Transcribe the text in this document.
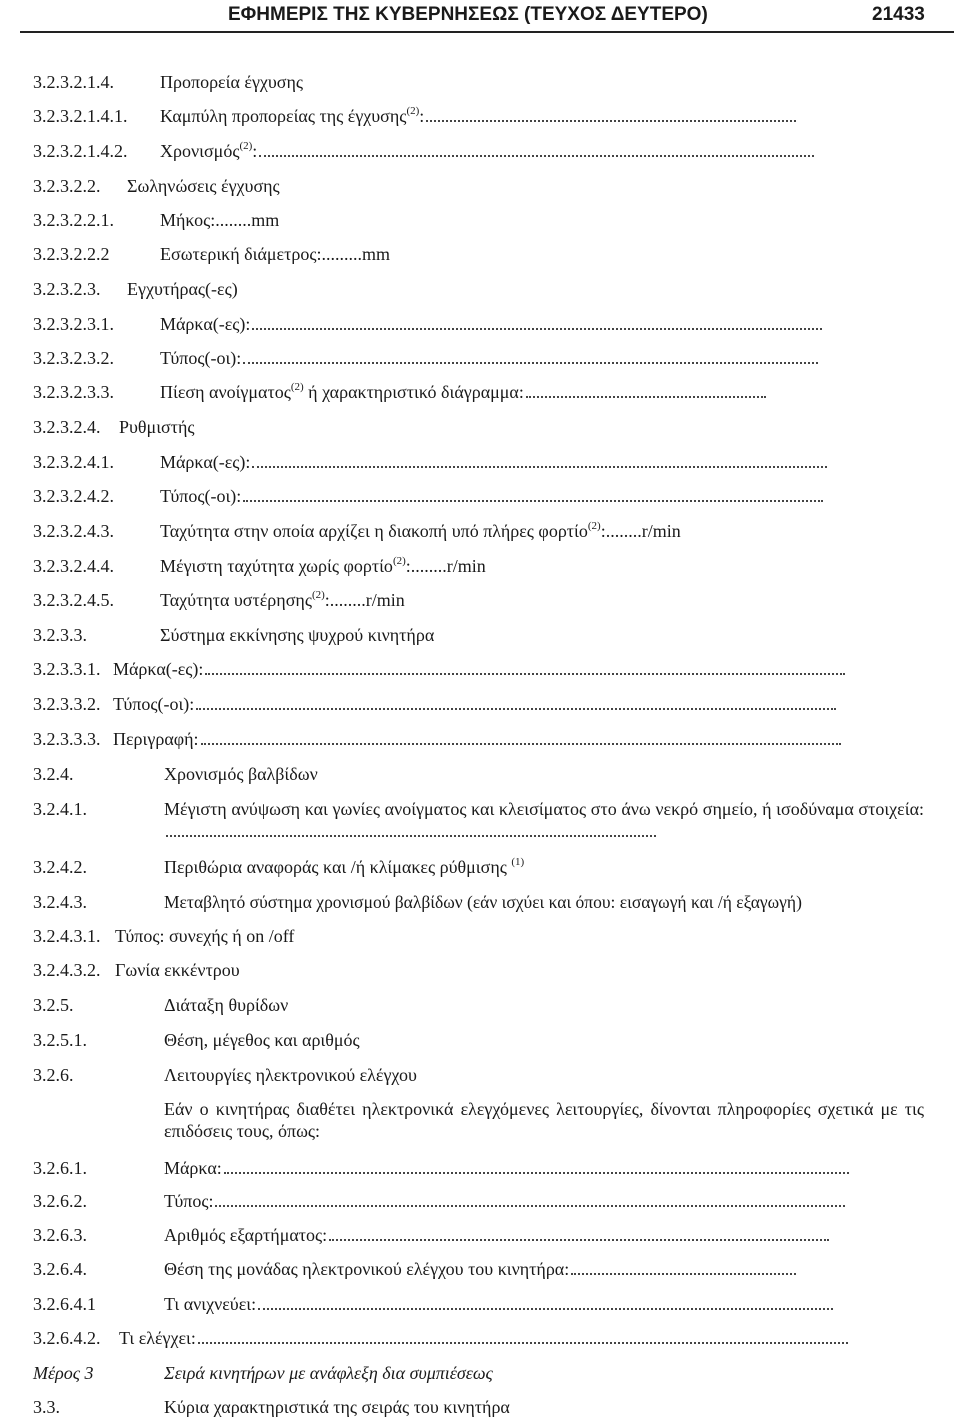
ΕΦΗΜΕΡΙΣ ΤΗΣ ΚΥΒΕΡΝΗΣΕΩΣ (ΤΕΥΧΟΣ ΔΕΥΤΕΡΟ)	21433
3.2.3.2.1.4.	Προπορεία έγχυσης
3.2.3.2.1.4.1. Καμπύλη προπορείας της έγχυσης$^{(2)}$:
3.2.3.2.1.4.2. Χρονισμός$^{(2)}$:
3.2.3.2.2. Σωληνώσεις έγχυσης
3.2.3.2.2.1.	Μήκος:........mm
3.2.3.2.2.2	Εσωτερική διάμετρος:.........mm
3.2.3.2.3. Εγχυτήρας(-ες)
3.2.3.2.3.1.	Μάρκα(-ες):
3.2.3.2.3.2.	Τύπος(-οι):
3.2.3.2.3.3.	Πίεση ανοίγματος$^{(2)}$ ή χαρακτηριστικό διάγραμμα:
3.2.3.2.4. Ρυθμιστής
3.2.3.2.4.1.	Μάρκα(-ες):
3.2.3.2.4.2.	Τύπος(-οι):
3.2.3.2.4.3.	Ταχύτητα στην οποία αρχίζει η διακοπή υπό πλήρες φορτίο$^{(2)}$:........r/min
3.2.3.2.4.4.	Μέγιστη ταχύτητα χωρίς φορτίο$^{(2)}$:........r/min
3.2.3.2.4.5.	Ταχύτητα υστέρησης$^{(2)}$:........r/min
3.2.3.3.	Σύστημα εκκίνησης ψυχρού κινητήρα
3.2.3.3.1. Μάρκα(-ες):
3.2.3.3.2. Τύπος(-οι):
3.2.3.3.3. Περιγραφή:
3.2.4.	Χρονισμός βαλβίδων
3.2.4.1.	Μέγιστη ανύψωση και γωνίες ανοίγματος και κλεισίματος στο άνω νεκρό σημείο, ή ισοδύναμα στοιχεία:
3.2.4.2.	Περιθώρια αναφοράς και /ή κλίμακες ρύθμισης $^{(1)}$
3.2.4.3.	Μεταβλητό σύστημα χρονισμού βαλβίδων (εάν ισχύει και όπου: εισαγωγή και /ή εξαγωγή)
3.2.4.3.1. Τύπος: συνεχής ή on /off
3.2.4.3.2. Γωνία εκκέντρου
3.2.5.	Διάταξη θυρίδων
3.2.5.1.	Θέση, μέγεθος και αριθμός
3.2.6.	Λειτουργίες ηλεκτρονικού ελέγχου
Εάν ο κινητήρας διαθέτει ηλεκτρονικά ελεγχόμενες λειτουργίες, δίνονται πληροφορίες σχετικά με τις επιδόσεις τους, όπως:
3.2.6.1.	Μάρκα:
3.2.6.2.	Τύπος:
3.2.6.3.	Αριθμός εξαρτήματος:
3.2.6.4.	Θέση της μονάδας ηλεκτρονικού ελέγχου του κινητήρα:
3.2.6.4.1	Τι ανιχνεύει:
3.2.6.4.2. Τι ελέγχει:
Μέρος 3	Σειρά κινητήρων με ανάφλεξη δια συμπιέσεως
3.3.	Κύρια χαρακτηριστικά της σειράς του κινητήρα
